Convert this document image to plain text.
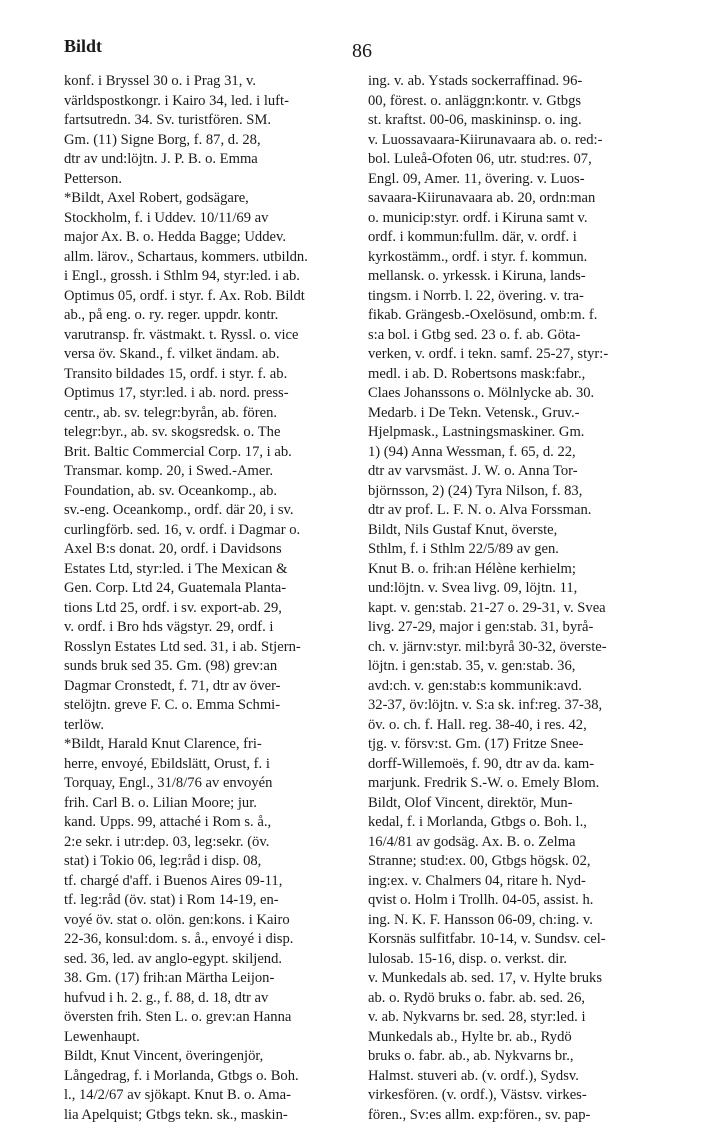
Bildt	86
konf. i Bryssel 30 o. i Prag 31, v.
världspostkongr. i Kairo 34, led. i luft-
fartsutredn. 34. Sv. turistfören. SM.
Gm. (11) Signe Borg, f. 87, d. 28,
dtr av und:löjtn. J. P. B. o. Emma
Petterson.
*Bildt, Axel Robert, godsägare,
Stockholm, f. i Uddev. 10/11/69 av
major Ax. B. o. Hedda Bagge; Uddev.
allm. lärov., Schartaus, kommers. utbildn.
i Engl., grossh. i Sthlm 94, styr:led. i ab.
Optimus 05, ordf. i styr. f. Ax. Rob. Bildt
ab., på eng. o. ry. reger. uppdr. kontr.
varutransp. fr. västmakt. t. Ryssl. o. vice
versa öv. Skand., f. vilket ändam. ab.
Transito bildades 15, ordf. i styr. f. ab.
Optimus 17, styr:led. i ab. nord. press-
centr., ab. sv. telegr:byrån, ab. fören.
telegr:byr., ab. sv. skogsredsk. o. The
Brit. Baltic Commercial Corp. 17, i ab.
Transmar. komp. 20, i Swed.-Amer.
Foundation, ab. sv. Oceankomp., ab.
sv.-eng. Oceankomp., ordf. där 20, i sv.
curlingförb. sed. 16, v. ordf. i Dagmar o.
Axel B:s donat. 20, ordf. i Davidsons
Estates Ltd, styr:led. i The Mexican &
Gen. Corp. Ltd 24, Guatemala Planta-
tions Ltd 25, ordf. i sv. export-ab. 29,
v. ordf. i Bro hds vägstyr. 29, ordf. i
Rosslyn Estates Ltd sed. 31, i ab. Stjern-
sunds bruk sed 35. Gm. (98) grev:an
Dagmar Cronstedt, f. 71, dtr av över-
stelöjtn. greve F. C. o. Emma Schmi-
terlöw.
*Bildt, Harald Knut Clarence, fri-
herre, envoyé, Ebildslätt, Orust, f. i
Torquay, Engl., 31/8/76 av envoyén
frih. Carl B. o. Lilian Moore; jur.
kand. Upps. 99, attaché i Rom s. å.,
2:e sekr. i utr:dep. 03, leg:sekr. (öv.
stat) i Tokio 06, leg:råd i disp. 08,
tf. chargé d'aff. i Buenos Aires 09-11,
tf. leg:råd (öv. stat) i Rom 14-19, en-
voyé öv. stat o. olön. gen:kons. i Kairo
22-36, konsul:dom. s. å., envoyé i disp.
sed. 36, led. av anglo-egypt. skiljend.
38. Gm. (17) frih:an Märtha Leijon-
hufvud i h. 2. g., f. 88, d. 18, dtr av
översten frih. Sten L. o. grev:an Hanna
Lewenhaupt.
Bildt, Knut Vincent, överingenjör,
Långedrag, f. i Morlanda, Gtbgs o. Boh.
l., 14/2/67 av sjökapt. Knut B. o. Ama-
lia Apelquist; Gtbgs tekn. sk., maskin-
ing. v. ab. Ystads sockerraffinad. 96-
00, förest. o. anläggn:kontr. v. Gtbgs
st. kraftst. 00-06, maskininsp. o. ing.
v. Luossavaara-Kiirunavaara ab. o. red:-
bol. Luleå-Ofoten 06, utr. stud:res. 07,
Engl. 09, Amer. 11, övering. v. Luos-
savaara-Kiirunavaara ab. 20, ordn:man
o. municip:styr. ordf. i Kiruna samt v.
ordf. i kommun:fullm. där, v. ordf. i
kyrkostämm., ordf. i styr. f. kommun.
mellansk. o. yrkessk. i Kiruna, lands-
tingsm. i Norrb. l. 22, övering. v. tra-
fikab. Grängesb.-Oxelösund, omb:m. f.
s:a bol. i Gtbg sed. 23 o. f. ab. Göta-
verken, v. ordf. i tekn. samf. 25-27, styr:-
medl. i ab. D. Robertsons mask:fabr.,
Claes Johanssons o. Mölnlycke ab. 30.
Medarb. i De Tekn. Vetensk., Gruv.-
Hjelpmask., Lastningsmaskiner. Gm.
1) (94) Anna Wessman, f. 65, d. 22,
dtr av varvsmäst. J. W. o. Anna Tor-
björnsson, 2) (24) Tyra Nilson, f. 83,
dtr av prof. L. F. N. o. Alva Forssman.
Bildt, Nils Gustaf Knut, överste,
Sthlm, f. i Sthlm 22/5/89 av gen.
Knut B. o. frih:an Hélène kerhielm;
und:löjtn. v. Svea livg. 09, löjtn. 11,
kapt. v. gen:stab. 21-27 o. 29-31, v. Svea
livg. 27-29, major i gen:stab. 31, byrå-
ch. v. järnv:styr. mil:byrå 30-32, överste-
löjtn. i gen:stab. 35, v. gen:stab. 36,
avd:ch. v. gen:stab:s kommunik:avd.
32-37, öv:löjtn. v. S:a sk. inf:reg. 37-38,
öv. o. ch. f. Hall. reg. 38-40, i res. 42,
tjg. v. försv:st. Gm. (17) Fritze Snee-
dorff-Willemoës, f. 90, dtr av da. kam-
marjunk. Fredrik S.-W. o. Emely Blom.
Bildt, Olof Vincent, direktör, Mun-
kedal, f. i Morlanda, Gtbgs o. Boh. l.,
16/4/81 av godsäg. Ax. B. o. Zelma
Stranne; stud:ex. 00, Gtbgs högsk. 02,
ing:ex. v. Chalmers 04, ritare h. Nyd-
qvist o. Holm i Trollh. 04-05, assist. h.
ing. N. K. F. Hansson 06-09, ch:ing. v.
Korsnäs sulfitfabr. 10-14, v. Sundsv. cel-
lulosab. 15-16, disp. o. verkst. dir.
v. Munkedals ab. sed. 17, v. Hylte bruks
ab. o. Rydö bruks o. fabr. ab. sed. 26,
v. ab. Nykvarns br. sed. 28, styr:led. i
Munkedals ab., Hylte br. ab., Rydö
bruks o. fabr. ab., ab. Nykvarns br.,
Halmst. stuveri ab. (v. ordf.), Sydsv.
virkesfören. (v. ordf.), Västsv. virkes-
fören., Sv:es allm. exp:fören., sv. pap-
